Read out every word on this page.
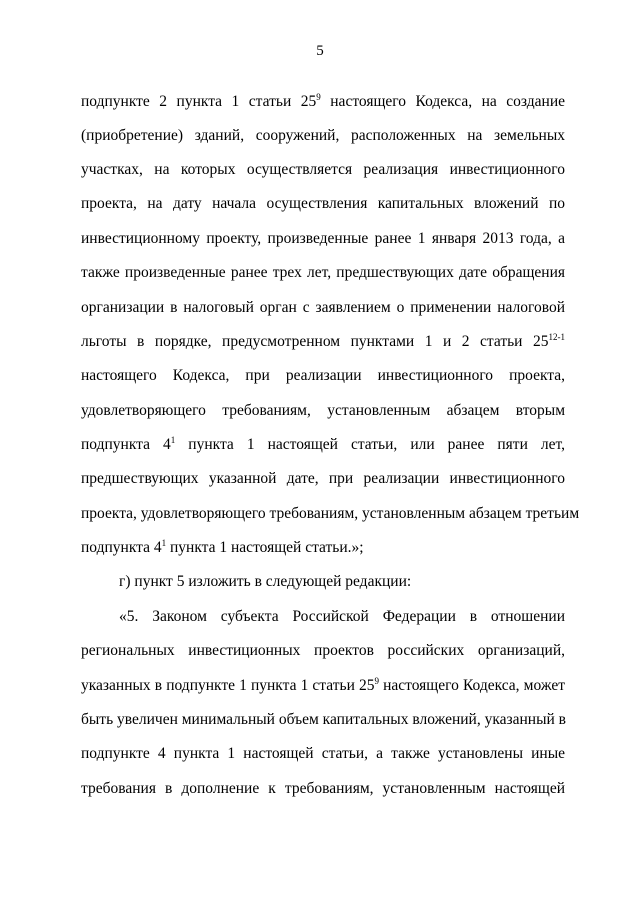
5
подпункте 2 пункта 1 статьи $25^9$ настоящего Кодекса, на создание
(приобретение) зданий, сооружений, расположенных на земельных
участках, на которых осуществляется реализация инвестиционного
проекта, на дату начала осуществления капитальных вложений по
инвестиционному проекту, произведенные ранее 1 января 2013 года, а
также произведенные ранее трех лет, предшествующих дате обращения
организации в налоговый орган с заявлением о применении налоговой
льготы в порядке, предусмотренном пунктами 1 и 2 статьи 25$^{12-1}$
настоящего Кодекса, при реализации инвестиционного проекта,
удовлетворяющего требованиям, установленным абзацем вторым
подпункта $4^1$ пункта 1 настоящей статьи, или ранее пяти лет,
предшествующих указанной дате, при реализации инвестиционного
проекта, удовлетворяющего требованиям, установленным абзацем третьим
подпункта $4^1$ пункта 1 настоящей статьи.»;
г) пункт 5 изложить в следующей редакции:
«5. Законом субъекта Российской Федерации в отношении
региональных инвестиционных проектов российских организаций,
указанных в подпункте 1 пункта 1 статьи $25^9$ настоящего Кодекса, может
быть увеличен минимальный объем капитальных вложений, указанный в
подпункте 4 пункта 1 настоящей статьи, а также установлены иные
требования в дополнение к требованиям, установленным настоящей
